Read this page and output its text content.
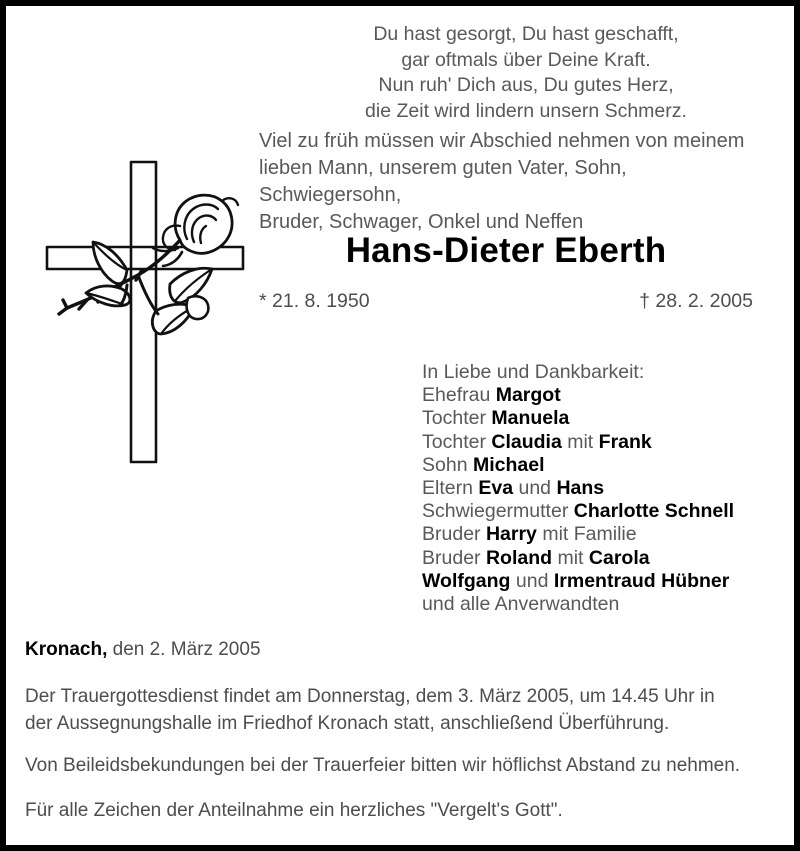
Du hast gesorgt, Du hast geschafft,
gar oftmals über Deine Kraft.
Nun ruh' Dich aus, Du gutes Herz,
die Zeit wird lindern unsern Schmerz.
Viel zu früh müssen wir Abschied nehmen von meinem
lieben Mann, unserem guten Vater, Sohn, Schwiegersohn,
Bruder, Schwager, Onkel und Neffen
Hans-Dieter Eberth
* 21. 8. 1950	† 28. 2. 2005
In Liebe und Dankbarkeit:
Ehefrau Margot
Tochter Manuela
Tochter Claudia mit Frank
Sohn Michael
Eltern Eva und Hans
Schwiegermutter Charlotte Schnell
Bruder Harry mit Familie
Bruder Roland mit Carola
Wolfgang und Irmentraud Hübner
und alle Anverwandten
Kronach, den 2. März 2005
Der Trauergottesdienst findet am Donnerstag, dem 3. März 2005, um 14.45 Uhr in
der Aussegnungshalle im Friedhof Kronach statt, anschließend Überführung.
Von Beileidsbekundungen bei der Trauerfeier bitten wir höflichst Abstand zu nehmen.
Für alle Zeichen der Anteilnahme ein herzliches "Vergelt's Gott".
